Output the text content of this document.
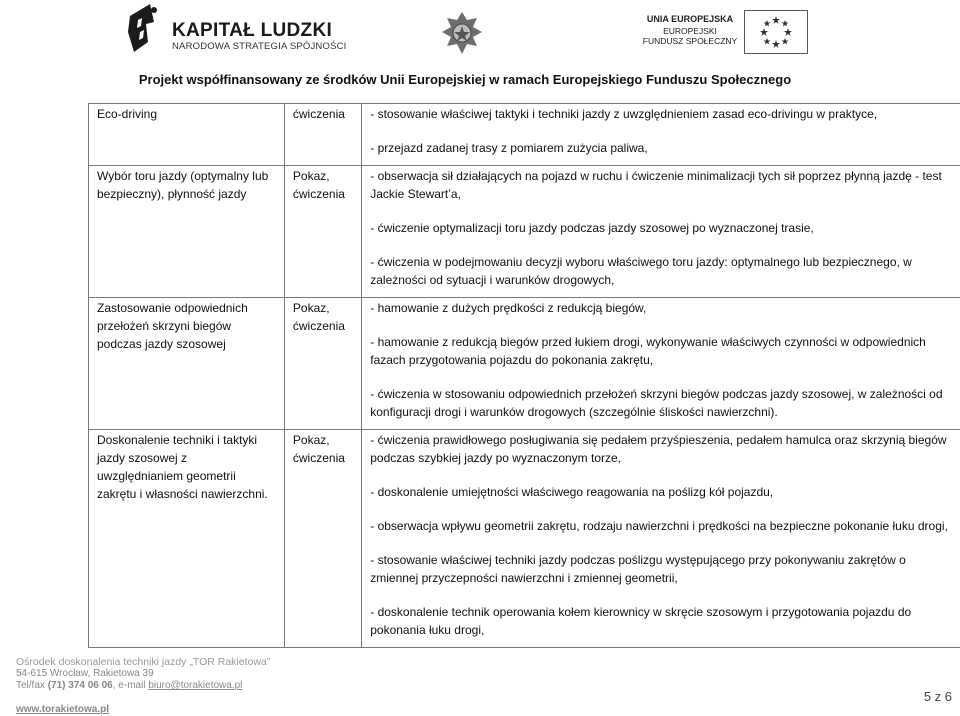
KAPITAŁ LUDZKI
NARODOWA STRATEGIA SPÓJNOŚCI
UNIA EUROPEJSKA
EUROPEJSKI
FUNDUSZ SPOŁECZNY
Projekt współfinansowany ze środków Unii Europejskiej w ramach Europejskiego Funduszu Społecznego
Eco-driving	ćwiczenia	- stosowanie właściwej taktyki i techniki jazdy z uwzględnieniem zasad eco-drivingu w praktyce,

- przejazd zadanej trasy z pomiarem zużycia paliwa,

Wybór toru jazdy (optymalny lub bezpieczny), płynność jazdy	Pokaz, ćwiczenia	- obserwacja sił działających na pojazd w ruchu i ćwiczenie minimalizacji tych sił poprzez płynną jazdę - test Jackie Stewart’a,

- ćwiczenie optymalizacji toru jazdy podczas jazdy szosowej po wyznaczonej trasie,

- ćwiczenia w podejmowaniu decyzji wyboru właściwego toru jazdy: optymalnego lub bezpiecznego, w zależności od sytuacji i warunków drogowych,

Zastosowanie odpowiednich przełożeń skrzyni biegów podczas jazdy szosowej	Pokaz, ćwiczenia	- hamowanie z dużych prędkości z redukcją biegów,

- hamowanie z redukcją biegów przed łukiem drogi, wykonywanie właściwych czynności w odpowiednich fazach przygotowania pojazdu do pokonania zakrętu,

- ćwiczenia w stosowaniu odpowiednich przełożeń skrzyni biegów podczas jazdy szosowej, w zależności od konfiguracji drogi i warunków drogowych (szczególnie śliskości nawierzchni).

Doskonalenie techniki i taktyki jazdy szosowej z uwzględnianiem geometrii zakrętu i własności nawierzchni.	Pokaz, ćwiczenia	- ćwiczenia prawidłowego posługiwania się pedałem przyśpieszenia, pedałem hamulca oraz skrzynią biegów podczas szybkiej jazdy po wyznaczonym torze,

- doskonalenie umiejętności właściwego reagowania na poślizg kół pojazdu,

- obserwacja wpływu geometrii zakrętu, rodzaju nawierzchni i prędkości na bezpieczne pokonanie łuku drogi,

- stosowanie właściwej techniki jazdy podczas poślizgu występującego przy pokonywaniu zakrętów o zmiennej przyczepności nawierzchni i zmiennej geometrii,

- doskonalenie technik operowania kołem kierownicy w skręcie szosowym i przygotowania pojazdu do pokonania łuku drogi,

Ośrodek doskonalenia techniki jazdy „TOR Rakietowa”
54-615 Wrocław, Rakietowa 39
Tel/fax (71) 374 06 06, e-mail biuro@torakietowa.pl
www.torakietowa.pl
5 z 6
